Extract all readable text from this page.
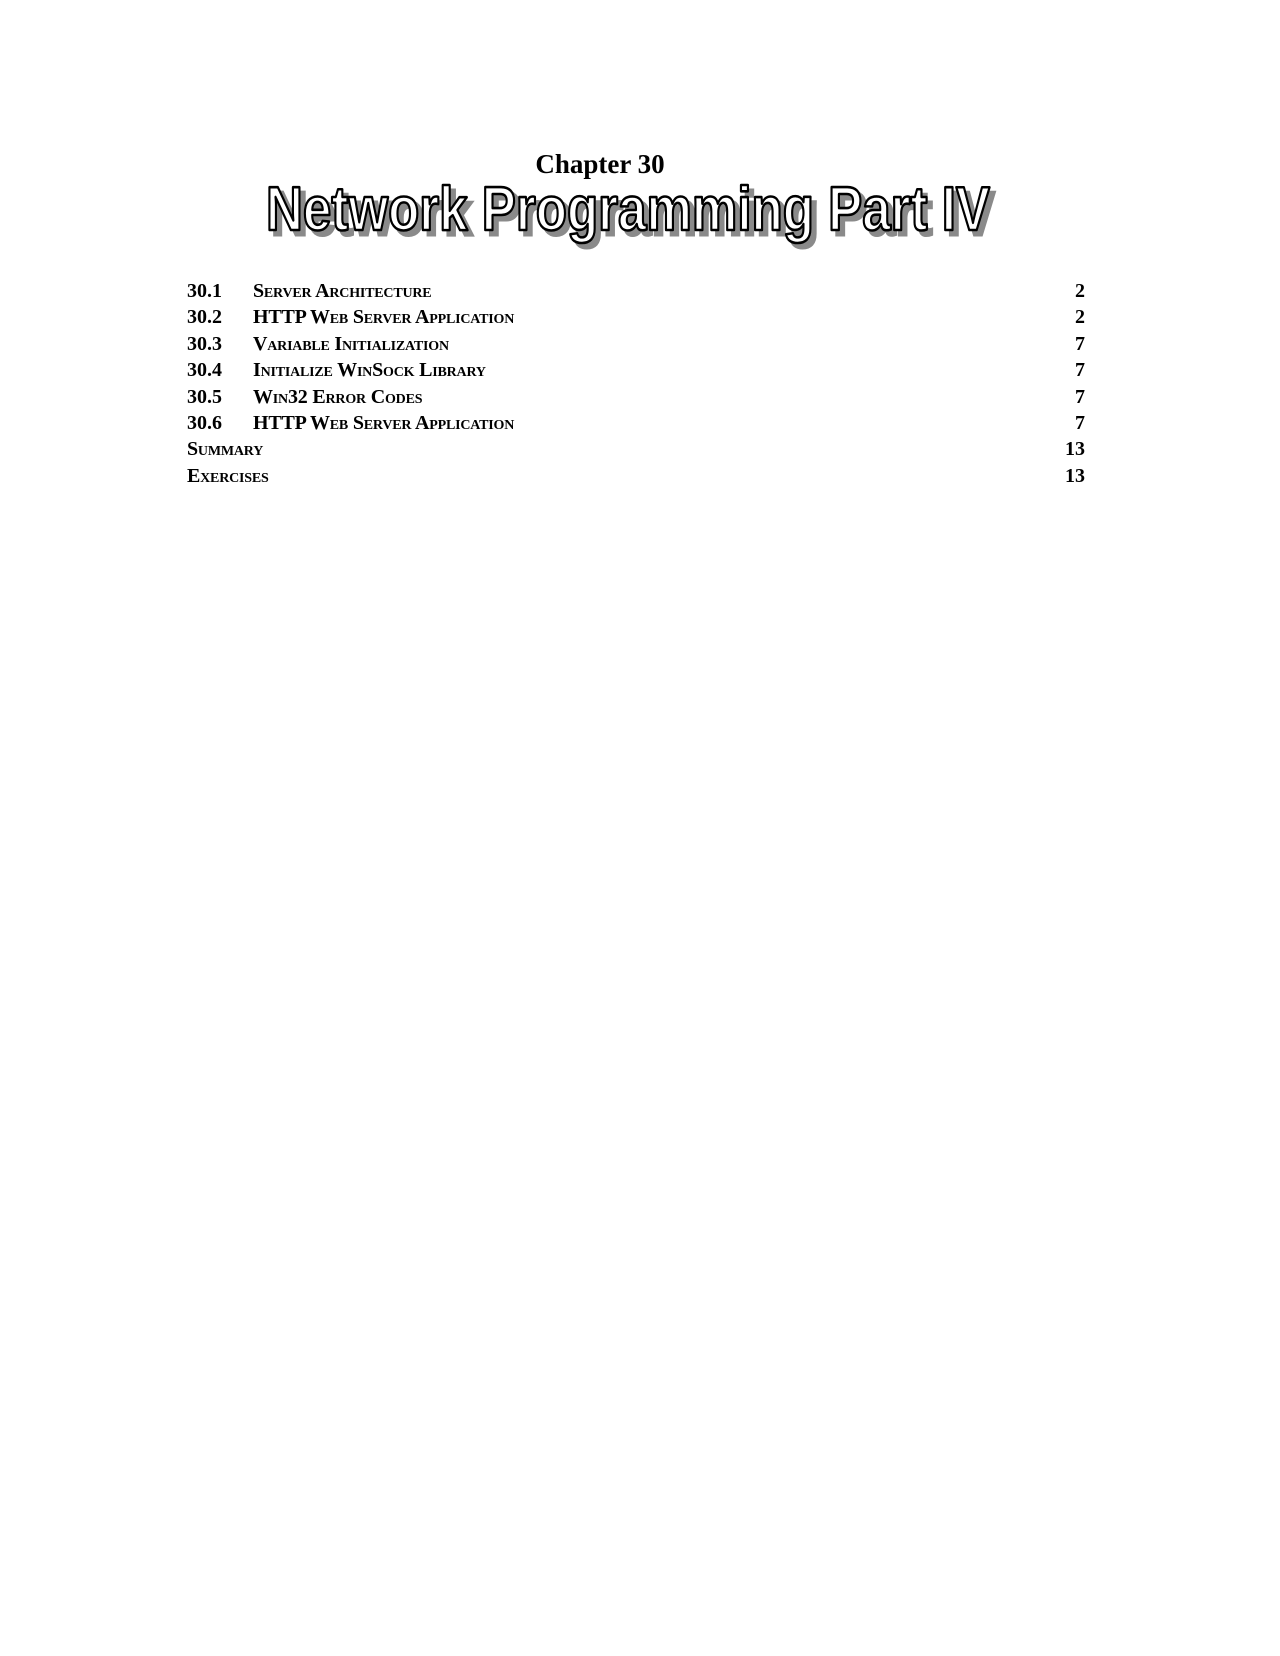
Chapter 30
Network Programming Part IV
Network Programming Part IV
30.1 Server Architecture	2
30.2 HTTP Web Server Application	2
30.3 Variable Initialization	7
30.4 Initialize WinSock Library	7
30.5 Win32 Error Codes	7
30.6 HTTP Web Server Application	7
Summary	13
Exercises	13
